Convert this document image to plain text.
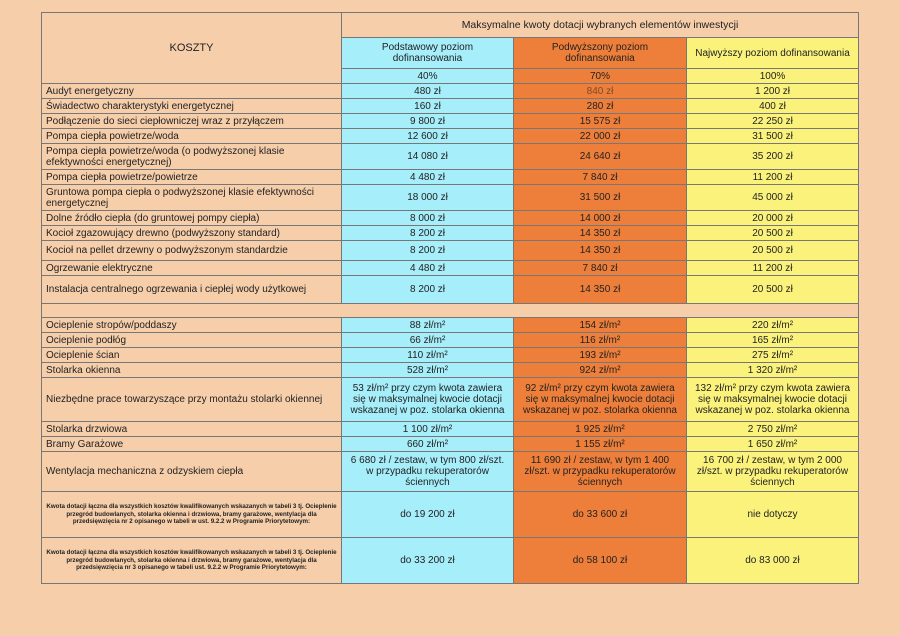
KOSZTY	Maksymalne kwoty dotacji wybranych elementów inwestycji		
	Podstawowy poziom dofinansowania	Podwyższony poziom dofinansowania	Najwyższy poziom dofinansowania
	40%	70%	100%
Audyt energetyczny	480 zł	840 zł	1 200 zł
Świadectwo charakterystyki energetycznej	160 zł	280 zł	400 zł
Podłączenie do sieci ciepłowniczej wraz z przyłączem	9 800 zł	15 575 zł	22 250 zł
Pompa ciepła powietrze/woda	12 600 zł	22 000 zł	31 500 zł
Pompa ciepła powietrze/woda (o podwyższonej klasie efektywności energetycznej)	14 080 zł	24 640 zł	35 200 zł
Pompa ciepła powietrze/powietrze	4 480 zł	7 840 zł	11 200 zł
Gruntowa pompa ciepła o podwyższonej klasie efektywności energetycznej	18 000 zł	31 500 zł	45 000 zł
Dolne źródło ciepła (do gruntowej pompy ciepła)	8 000 zł	14 000 zł	20 000 zł
Kocioł zgazowujący drewno (podwyższony standard)	8 200 zł	14 350 zł	20 500 zł
Kocioł na pellet drzewny o podwyższonym standardzie	8 200 zł	14 350 zł	20 500 zł
Ogrzewanie elektryczne	4 480 zł	7 840 zł	11 200 zł
Instalacja centralnego ogrzewania i ciepłej wody użytkowej	8 200 zł	14 350 zł	20 500 zł

Ocieplenie stropów/poddaszy	88 zł/m²	154 zł/m²	220 zł/m²
Ocieplenie podłóg	66 zł/m²	116 zł/m²	165 zł/m²
Ocieplenie ścian	110 zł/m²	193 zł/m²	275 zł/m²
Stolarka okienna	528 zł/m²	924 zł/m²	1 320 zł/m²
Niezbędne prace towarzyszące przy montażu stolarki okiennej	53 zł/m² przy czym kwota zawiera się w maksymalnej kwocie dotacji wskazanej w poz. stolarka okienna	92 zł/m² przy czym kwota zawiera się w maksymalnej kwocie dotacji wskazanej w poz. stolarka okienna	132 zł/m² przy czym kwota zawiera się w maksymalnej kwocie dotacji wskazanej w poz. stolarka okienna
Stolarka drzwiowa	1 100 zł/m²	1 925 zł/m²	2 750 zł/m²
Bramy Garażowe	660 zł/m²	1 155 zł/m²	1 650 zł/m²
Wentylacja mechaniczna z odzyskiem ciepła	6 680 zł / zestaw, w tym 800 zł/szt. w przypadku rekuperatorów ściennych	11 690 zł / zestaw, w tym 1 400 zł/szt. w przypadku rekuperatorów ściennych	16 700 zł / zestaw, w tym 2 000 zł/szt. w przypadku rekuperatorów ściennych
Kwota dotacji łączna dla wszystkich kosztów kwalifikowanych wskazanych w tabeli 3 tj. Ocieplenie przegród budowlanych, stolarka okienna i drzwiowa, bramy garażowe, wentylacja dla przedsięwzięcia nr 2 opisanego w tabeli w ust. 9.2.2 w Programie Priorytetowym:	do 19 200 zł	do 33 600 zł	nie dotyczy
Kwota dotacji łączna dla wszystkich kosztów kwalifikowanych wskazanych w tabeli 3 tj. Ocieplenie przegród budowlanych, stolarka okienna i drzwiowa, bramy garażowe, wentylacja dla przedsięwzięcia nr 3 opisanego w tabeli ust. 9.2.2 w Programie Priorytetowym:	do 33 200 zł	do 58 100 zł	do 83 000 zł
